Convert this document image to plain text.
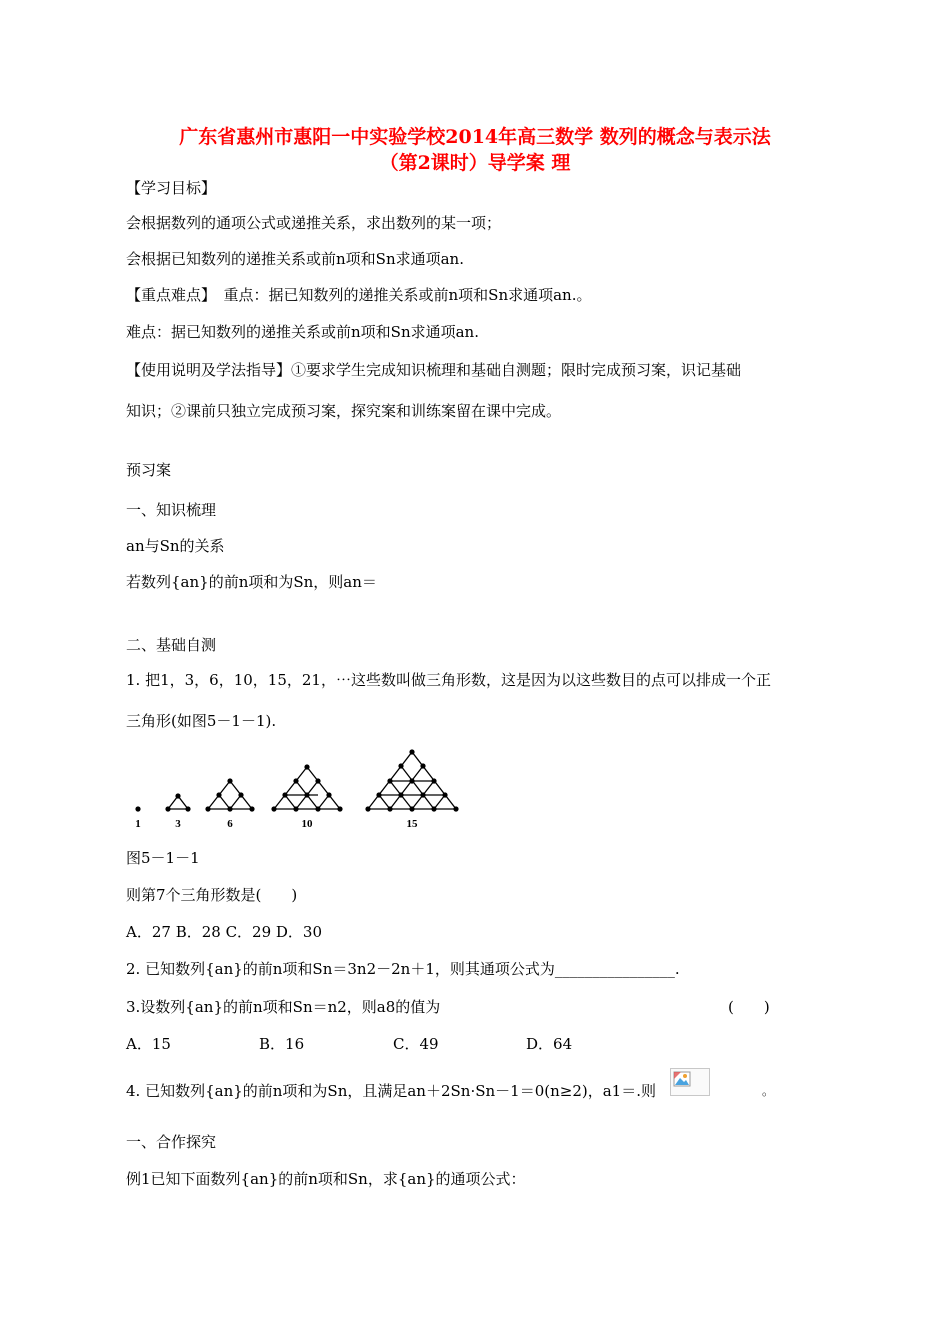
广东省惠州市惠阳一中实验学校2014年高三数学 数列的概念与表示法
（第2课时）导学案 理
【学习目标】
会根据数列的通项公式或递推关系，求出数列的某一项；
会根据已知数列的递推关系或前n项和Sn求通项an.
【重点难点】　重点：据已知数列的递推关系或前n项和Sn求通项an.。
难点：据已知数列的递推关系或前n项和Sn求通项an.
【使用说明及学法指导】①要求学生完成知识梳理和基础自测题；限时完成预习案，识记基础
知识；②课前只独立完成预习案，探究案和训练案留在课中完成。
预习案
一、知识梳理
an与Sn的关系
若数列{an}的前n项和为Sn，则an＝
二、基础自测
1. 把1，3，6，10，15，21，⋯这些数叫做三角形数，这是因为以这些数目的点可以排成一个正
三角形(如图5－1－1).
1	3	6	10	15
图5－1－1
则第7个三角形数是(　　)
A．27 B．28 C．29 D．30
2. 已知数列{an}的前n项和Sn＝3n2－2n＋1，则其通项公式为________________.
3.设数列{an}的前n项和Sn＝n2，则a8的值为	(　　)
A．15	B．16	C．49	D．64
4. 已知数列{an}的前n项和为Sn，且满足an＋2Sn·Sn－1＝0(n≥2)，a1＝.则	。
一、合作探究
例1已知下面数列{an}的前n项和Sn，求{an}的通项公式：
